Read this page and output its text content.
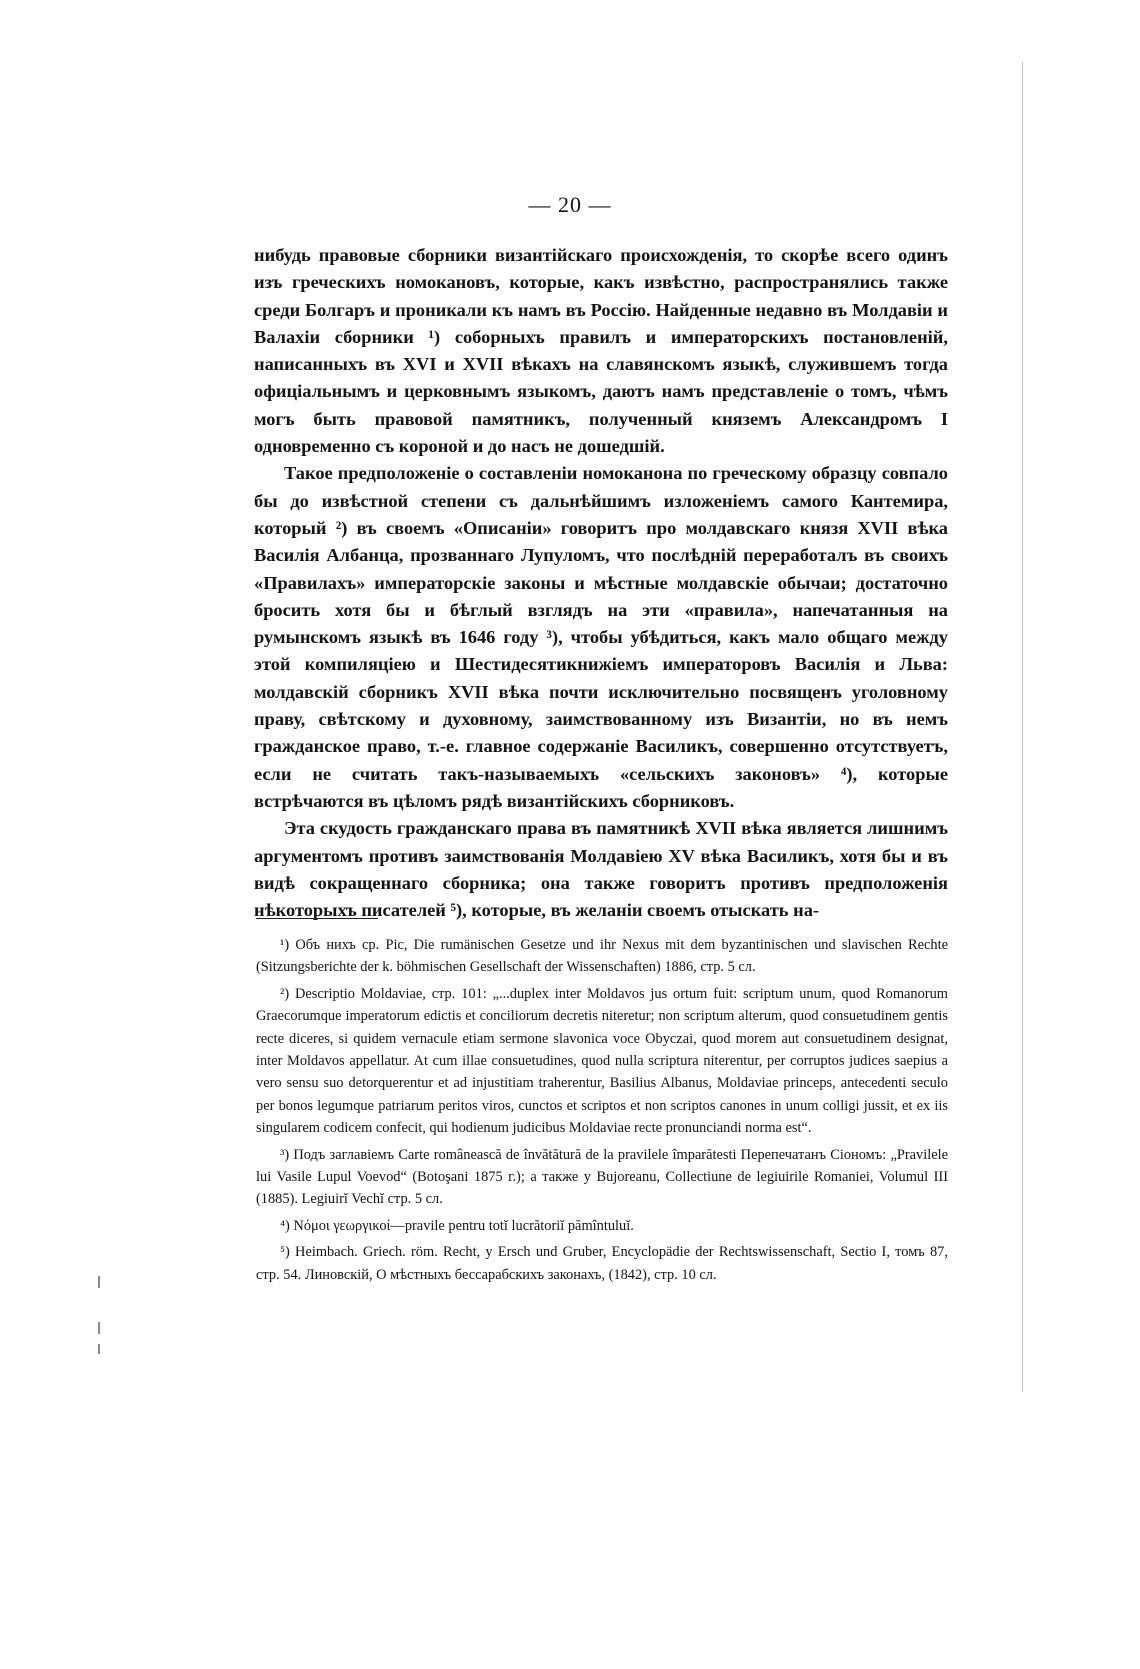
— 20 —

нибудь правовые сборники византійскаго происхожденія, то скорѣе всего одинъ изъ греческихъ номокановъ, которые, какъ извѣстно, распространялись также среди Болгаръ и проникали къ намъ въ Россію. Найденные недавно въ Молдавіи и Валахіи сборники ¹) соборныхъ правилъ и императорскихъ постановленій, написанныхъ въ XVI и XVII вѣкахъ на славянскомъ языкѣ, служившемъ тогда офиціальнымъ и церковнымъ языкомъ, даютъ намъ представленіе о томъ, чѣмъ могъ быть правовой памятникъ, полученный княземъ Александромъ I одновременно съ короной и до насъ не дошедшій.

Такое предположеніе о составленіи номоканона по греческому образцу совпало бы до извѣстной степени съ дальнѣйшимъ изложеніемъ самого Кантемира, который ²) въ своемъ «Описаніи» говоритъ про молдавскаго князя XVII вѣка Василія Албанца, прозваннаго Лупуломъ, что послѣдній переработалъ въ своихъ «Правилахъ» императорскіе законы и мѣстные молдавскіе обычаи; достаточно бросить хотя бы и бѣглый взглядъ на эти «правила», напечатанныя на румынскомъ языкѣ въ 1646 году ³), чтобы убѣдиться, какъ мало общаго между этой компиляціею и Шестидесятикнижіемъ императоровъ Василія и Льва: молдавскій сборникъ XVII вѣка почти исключительно посвященъ уголовному праву, свѣтскому и духовному, заимствованному изъ Византіи, но въ немъ гражданское право, т.-е. главное содержаніе Василикъ, совершенно отсутствуетъ, если не считать такъ-называемыхъ «сельскихъ законовъ» ⁴), которые встрѣчаются въ цѣломъ рядѣ византійскихъ сборниковъ.

Эта скудость гражданскаго права въ памятникѣ XVII вѣка является лишнимъ аргументомъ противъ заимствованія Молдавіею XV вѣка Василикъ, хотя бы и въ видѣ сокращеннаго сборника; она также говоритъ противъ предположенія нѣкоторыхъ писателей ⁵), которые, въ желаніи своемъ отыскать на-

¹) Объ нихъ ср. Pic, Die rumänischen Gesetze und ihr Nexus mit dem byzantinischen und slavischen Rechte (Sitzungsberichte der k. böhmischen Gesellschaft der Wissenschaften) 1886, стр. 5 сл.

²) Descriptio Moldaviae, стр. 101: „...duplex inter Moldavos jus ortum fuit: scriptum unum, quod Romanorum Graecorumque imperatorum edictis et conciliorum decretis niteretur; non scriptum alterum, quod consuetudinem gentis recte diceres, si quidem vernacule etiam sermone slavonica voce Obyczai, quod morem aut consuetudinem designat, inter Moldavos appellatur. At cum illae consuetudines, quod nulla scriptura niterentur, per corruptos judices saepius a vero sensu suo detorquerentur et ad injustitiam traherentur, Basilius Albanus, Moldaviae princeps, antecedenti seculo per bonos legumque patriarum peritos viros, cunctos et scriptos et non scriptos canones in unum colligi jussit, et ex iis singularem codicem confecit, qui hodienum judicibus Moldaviae recte pronunciandi norma est“.

³) Подъ заглавіемъ Carte românească de învătătură de la pravilele împarătesti Перепечатанъ Сіономъ: „Pravilele lui Vasile Lupul Voevod“ (Botoşani 1875 г.); а также у Bujoreanu, Collectiune de legiuirile Romaniei, Volumul III (1885). Legiuirĭ Vechĭ стр. 5 сл.

⁴) Νόμοι γεωργικοί—pravile pentru totĭ lucrătoriĭ pămîntuluĭ.

⁵) Heimbach. Griech. röm. Recht, у Ersch und Gruber, Encyclopädie der Rechtswissenschaft, Sectio I, томъ 87, стр. 54. Линовскій, О мѣстныхъ бессарабскихъ законахъ, (1842), стр. 10 сл.
